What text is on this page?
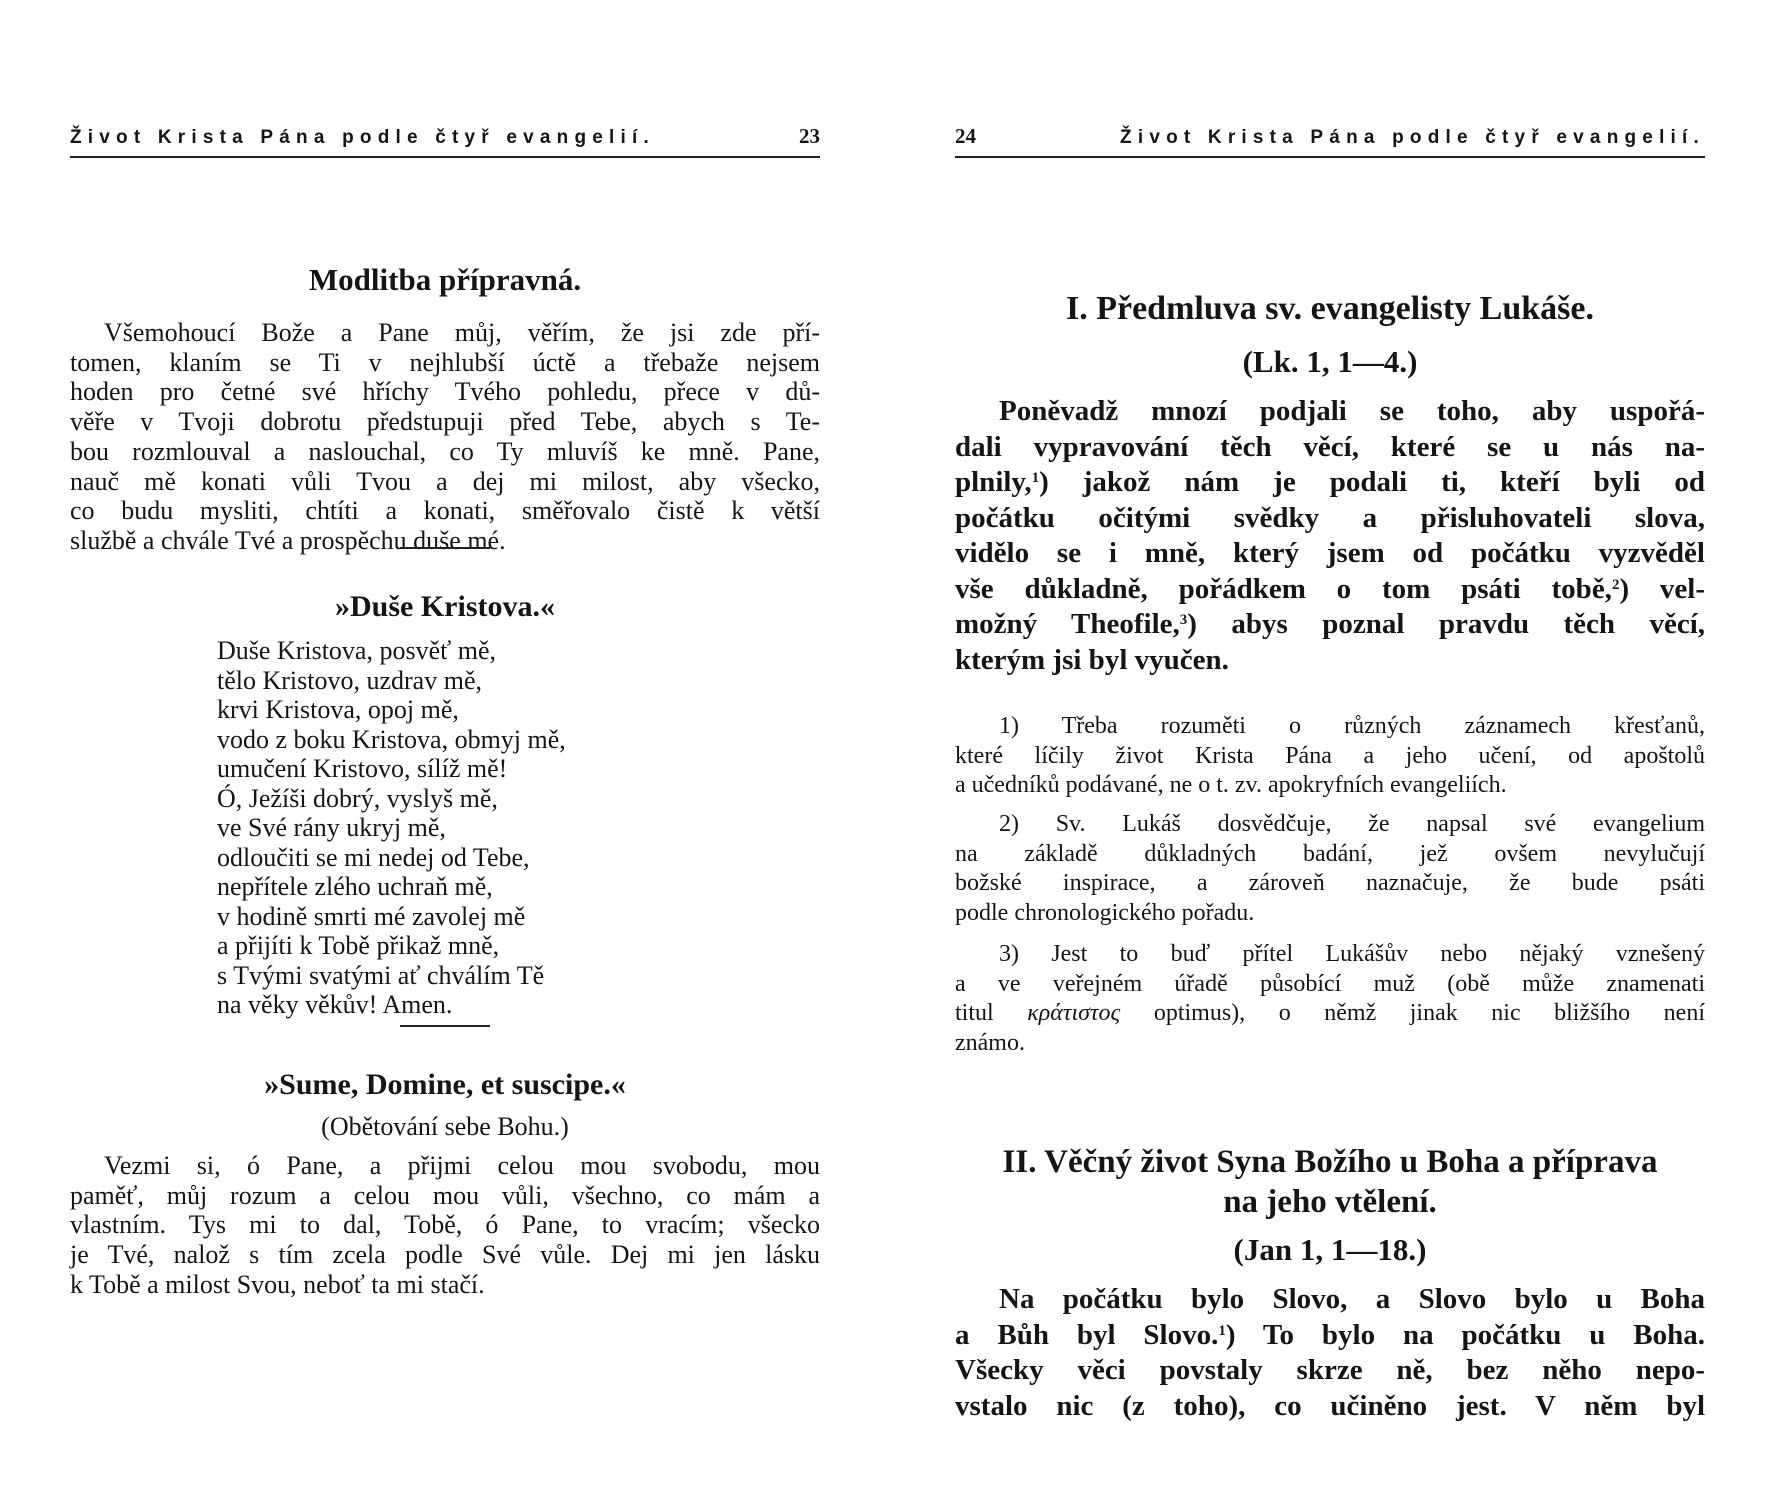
Život Krista Pána podle čtyř evangelií.	23
Modlitba přípravná.
Všemohoucí Bože a Pane můj, věřím, že jsi zde pří-
tomen, klaním se Ti v nejhlubší úctě a třebaže nejsem
hoden pro četné své hříchy Tvého pohledu, přece v dů-
věře v Tvoji dobrotu předstupuji před Tebe, abych s Te-
bou rozmlouval a naslouchal, co Ty mluvíš ke mně. Pane,
nauč mě konati vůli Tvou a dej mi milost, aby všecko,
co budu mysliti, chtíti a konati, směřovalo čistě k větší
službě a chvále Tvé a prospěchu duše mé.
»Duše Kristova.«
Duše Kristova, posvěť mě,
tělo Kristovo, uzdrav mě,
krvi Kristova, opoj mě,
vodo z boku Kristova, obmyj mě,
umučení Kristovo, sílíž mě!
Ó, Ježíši dobrý, vyslyš mě,
ve Své rány ukryj mě,
odloučiti se mi nedej od Tebe,
nepřítele zlého uchraň mě,
v hodině smrti mé zavolej mě
a přijíti k Tobě přikaž mně,
s Tvými svatými ať chválím Tě
na věky věkův! Amen.
»Sume, Domine, et suscipe.«
(Obětování sebe Bohu.)
Vezmi si, ó Pane, a přijmi celou mou svobodu, mou
paměť, můj rozum a celou mou vůli, všechno, co mám a
vlastním. Tys mi to dal, Tobě, ó Pane, to vracím; všecko
je Tvé, nalož s tím zcela podle Své vůle. Dej mi jen lásku
k Tobě a milost Svou, neboť ta mi stačí.
24	Život Krista Pána podle čtyř evangelií.
I. Předmluva sv. evangelisty Lukáše.
(Lk. 1, 1—4.)
Poněvadž mnozí podjali se toho, aby uspořá-
dali vypravování těch věcí, které se u nás na-
plnily,$^1$) jakož nám je podali ti, kteří byli od
počátku očitými svědky a přisluhovateli slova,
vidělo se i mně, který jsem od počátku vyzvěděl
vše důkladně, pořádkem o tom psáti tobě,$^2$) vel-
možný Theofile,$^3$) abys poznal pravdu těch věcí,
kterým jsi byl vyučen.
1) Třeba rozuměti o různých záznamech křesťanů,
které líčily život Krista Pána a jeho učení, od apoštolů
a učedníků podávané, ne o t. zv. apokryfních evangeliích.
2) Sv. Lukáš dosvědčuje, že napsal své evangelium
na základě důkladných badání, jež ovšem nevylučují
božské inspirace, a zároveň naznačuje, že bude psáti
podle chronologického pořadu.
3) Jest to buď přítel Lukášův nebo nějaký vznešený
a ve veřejném úřadě působící muž (obě může znamenati
titul κράτιστος optimus), o němž jinak nic bližšího není
známo.
II. Věčný život Syna Božího u Boha a příprava
na jeho vtělení.
(Jan 1, 1—18.)
Na počátku bylo Slovo, a Slovo bylo u Boha
a Bůh byl Slovo.$^1$) To bylo na počátku u Boha.
Všecky věci povstaly skrze ně, bez něho nepo-
vstalo nic (z toho), co učiněno jest. V něm byl
